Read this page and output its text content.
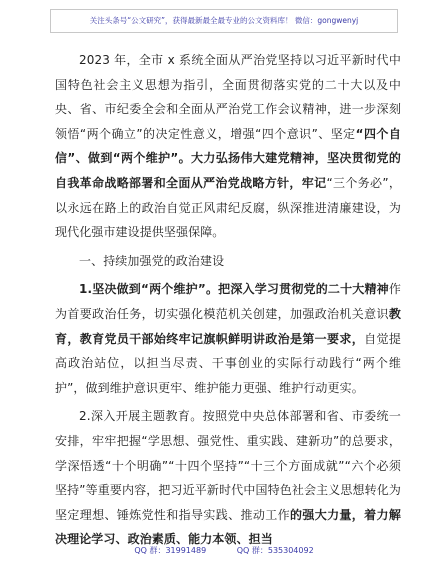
关注头条号“公文研究”，获得最新最全最专业的公文资料库！ 微信：gongwenyj

2023 年，全市 x 系统全面从严治党坚持以习近平新时代中国特色社会主义思想为指引，全面贯彻落实党的二十大以及中央、省、市纪委全会和全面从严治党工作会议精神，进一步深刻领悟“两个确立”的决定性意义，增强“四个意识”、坚定“四个自信”、做到“两个维护”。大力弘扬伟大建党精神，坚决贯彻党的自我革命战略部署和全面从严治党战略方针，牢记“三个务必”，以永远在路上的政治自觉正风肃纪反腐，纵深推进清廉建设，为现代化强市建设提供坚强保障。

一、持续加强党的政治建设

1.坚决做到“两个维护”。把深入学习贯彻党的二十大精神作为首要政治任务，切实强化模范机关创建，加强政治机关意识教育，教育党员干部始终牢记旗帜鲜明讲政治是第一要求，自觉提高政治站位，以担当尽责、干事创业的实际行动践行“两个维护”，做到维护意识更牢、维护能力更强、维护行动更实。

2.深入开展主题教育。按照党中央总体部署和省、市委统一安排，牢牢把握“学思想、强党性、重实践、建新功”的总要求，学深悟透“十个明确”“十四个坚持”“十三个方面成就”“六个必须坚持”等重要内容，把习近平新时代中国特色社会主义思想转化为坚定理想、锤炼党性和指导实践、推动工作的强大力量，着力解决理论学习、政治素质、能力本领、担当

QQ 群：31991489	QQ 群：535304092
